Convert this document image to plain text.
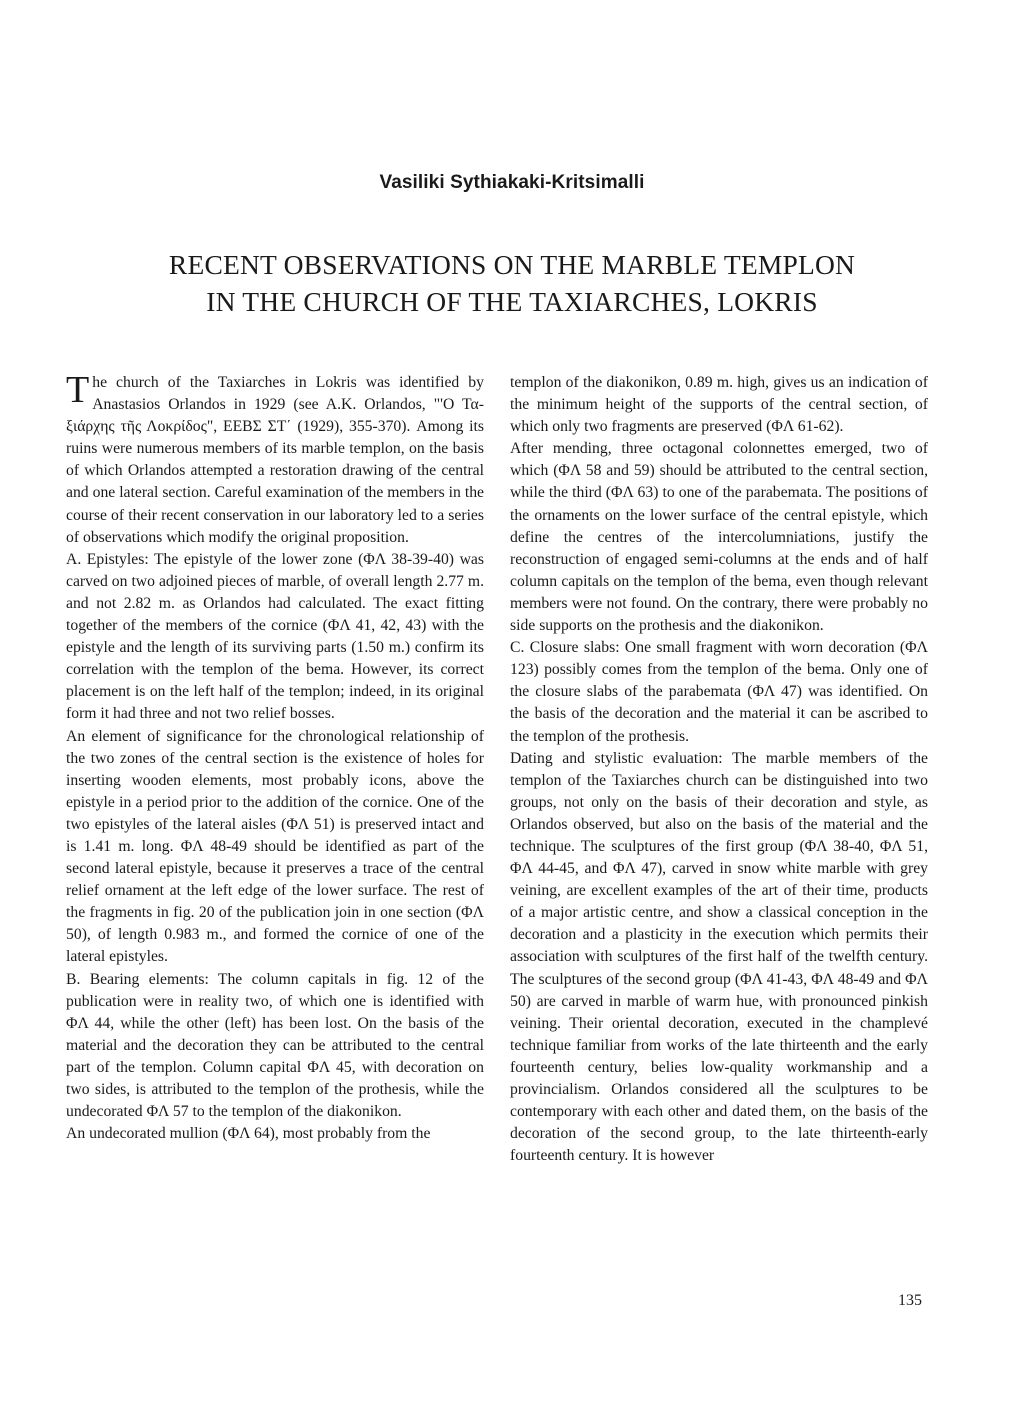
Vasiliki Sythiakaki-Kritsimalli
RECENT OBSERVATIONS ON THE MARBLE TEMPLON
IN THE CHURCH OF THE TAXIARCHES, LOKRIS

The church of the Taxiarches in Lokris was identified by Anastasios Orlandos in 1929 (see A.K. Orlandos, "'Ο Ταξιάρχης τῆς Λοκρίδος", ΕΕΒΣ ΣΤ΄ (1929), 355-370). Among its ruins were numerous members of its marble templon, on the basis of which Orlandos attempted a restoration drawing of the central and one lateral section. Careful examination of the members in the course of their recent conservation in our laboratory led to a series of observations which modify the original proposition.

A. Epistyles: The epistyle of the lower zone (ΦΛ 38-39-40) was carved on two adjoined pieces of marble, of overall length 2.77 m. and not 2.82 m. as Orlandos had calculated. The exact fitting together of the members of the cornice (ΦΛ 41, 42, 43) with the epistyle and the length of its surviving parts (1.50 m.) confirm its correlation with the templon of the bema. However, its correct placement is on the left half of the templon; indeed, in its original form it had three and not two relief bosses.

An element of significance for the chronological relationship of the two zones of the central section is the existence of holes for inserting wooden elements, most probably icons, above the epistyle in a period prior to the addition of the cornice. One of the two epistyles of the lateral aisles (ΦΛ 51) is preserved intact and is 1.41 m. long. ΦΛ 48-49 should be identified as part of the second lateral epistyle, because it preserves a trace of the central relief ornament at the left edge of the lower surface. The rest of the fragments in fig. 20 of the publication join in one section (ΦΛ 50), of length 0.983 m., and formed the cornice of one of the lateral epistyles.

B. Bearing elements: The column capitals in fig. 12 of the publication were in reality two, of which one is identified with ΦΛ 44, while the other (left) has been lost. On the basis of the material and the decoration they can be attributed to the central part of the templon. Column capital ΦΛ 45, with decoration on two sides, is attributed to the templon of the prothesis, while the undecorated ΦΛ 57 to the templon of the diakonikon.

An undecorated mullion (ΦΛ 64), most probably from the

templon of the diakonikon, 0.89 m. high, gives us an indication of the minimum height of the supports of the central section, of which only two fragments are preserved (ΦΛ 61-62).

After mending, three octagonal colonnettes emerged, two of which (ΦΛ 58 and 59) should be attributed to the central section, while the third (ΦΛ 63) to one of the parabemata. The positions of the ornaments on the lower surface of the central epistyle, which define the centres of the intercolumniations, justify the reconstruction of engaged semi-columns at the ends and of half column capitals on the templon of the bema, even though relevant members were not found. On the contrary, there were probably no side supports on the prothesis and the diakonikon.

C. Closure slabs: One small fragment with worn decoration (ΦΛ 123) possibly comes from the templon of the bema. Only one of the closure slabs of the parabemata (ΦΛ 47) was identified. On the basis of the decoration and the material it can be ascribed to the templon of the prothesis.

Dating and stylistic evaluation: The marble members of the templon of the Taxiarches church can be distinguished into two groups, not only on the basis of their decoration and style, as Orlandos observed, but also on the basis of the material and the technique. The sculptures of the first group (ΦΛ 38-40, ΦΛ 51, ΦΛ 44-45, and ΦΛ 47), carved in snow white marble with grey veining, are excellent examples of the art of their time, products of a major artistic centre, and show a classical conception in the decoration and a plasticity in the execution which permits their association with sculptures of the first half of the twelfth century. The sculptures of the second group (ΦΛ 41-43, ΦΛ 48-49 and ΦΛ 50) are carved in marble of warm hue, with pronounced pinkish veining. Their oriental decoration, executed in the champlevé technique familiar from works of the late thirteenth and the early fourteenth century, belies low-quality workmanship and a provincialism. Orlandos considered all the sculptures to be contemporary with each other and dated them, on the basis of the decoration of the second group, to the late thirteenth-early fourteenth century. It is however

135
